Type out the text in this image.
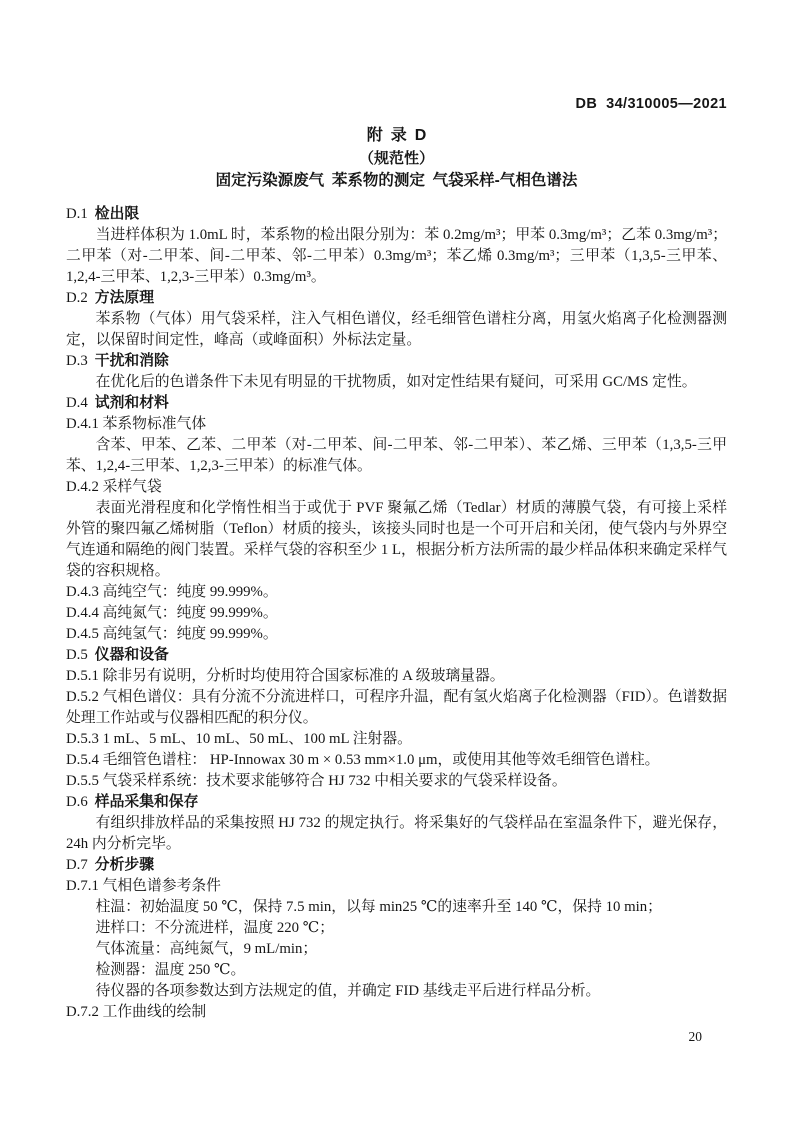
DB  34/310005—2021
附 录 D
（规范性）
固定污染源废气 苯系物的测定 气袋采样-气相色谱法
D.1 检出限
当进样体积为 1.0mL 时，苯系物的检出限分别为：苯 0.2mg/m³；甲苯 0.3mg/m³；乙苯 0.3mg/m³；二甲苯（对-二甲苯、间-二甲苯、邻-二甲苯）0.3mg/m³；苯乙烯 0.3mg/m³；三甲苯（1,3,5-三甲苯、1,2,4-三甲苯、1,2,3-三甲苯）0.3mg/m³。
D.2 方法原理
苯系物（气体）用气袋采样，注入气相色谱仪，经毛细管色谱柱分离，用氢火焰离子化检测器测定，以保留时间定性，峰高（或峰面积）外标法定量。
D.3 干扰和消除
在优化后的色谱条件下未见有明显的干扰物质，如对定性结果有疑问，可采用 GC/MS 定性。
D.4 试剂和材料
D.4.1 苯系物标准气体
含苯、甲苯、乙苯、二甲苯（对-二甲苯、间-二甲苯、邻-二甲苯）、苯乙烯、三甲苯（1,3,5-三甲苯、1,2,4-三甲苯、1,2,3-三甲苯）的标准气体。
D.4.2 采样气袋
表面光滑程度和化学惰性相当于或优于 PVF 聚氟乙烯（Tedlar）材质的薄膜气袋，有可接上采样外管的聚四氟乙烯树脂（Teflon）材质的接头，该接头同时也是一个可开启和关闭，使气袋内与外界空气连通和隔绝的阀门装置。采样气袋的容积至少 1 L，根据分析方法所需的最少样品体积来确定采样气袋的容积规格。
D.4.3 高纯空气：纯度 99.999%。
D.4.4 高纯氮气：纯度 99.999%。
D.4.5 高纯氢气：纯度 99.999%。
D.5 仪器和设备
D.5.1 除非另有说明，分析时均使用符合国家标准的 A 级玻璃量器。
D.5.2 气相色谱仪：具有分流不分流进样口，可程序升温，配有氢火焰离子化检测器（FID）。色谱数据处理工作站或与仪器相匹配的积分仪。
D.5.3 1 mL、5 mL、10 mL、50 mL、100 mL 注射器。
D.5.4 毛细管色谱柱： HP-Innowax 30 m × 0.53 mm×1.0 μm，或使用其他等效毛细管色谱柱。
D.5.5 气袋采样系统：技术要求能够符合 HJ 732 中相关要求的气袋采样设备。
D.6 样品采集和保存
有组织排放样品的采集按照 HJ 732 的规定执行。将采集好的气袋样品在室温条件下，避光保存，24h 内分析完毕。
D.7 分析步骤
D.7.1 气相色谱参考条件
柱温：初始温度 50 ℃，保持 7.5 min，以每 min25 ℃的速率升至 140 ℃，保持 10 min；
进样口：不分流进样，温度 220 ℃；
气体流量：高纯氮气，9 mL/min；
检测器：温度 250 ℃。
待仪器的各项参数达到方法规定的值，并确定 FID 基线走平后进行样品分析。
D.7.2 工作曲线的绘制
20
